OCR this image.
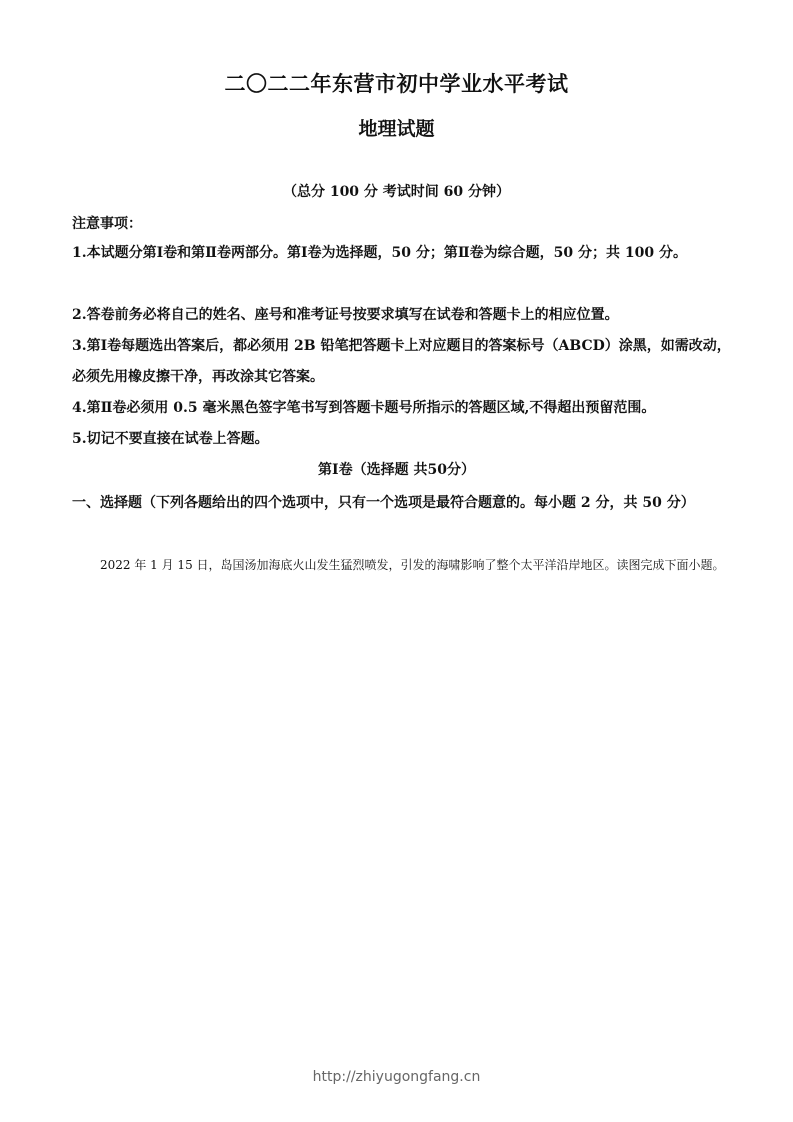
二〇二二年东营市初中学业水平考试
地理试题
（总分 100 分 考试时间 60 分钟）
注意事项：
1.本试题分第Ⅰ卷和第Ⅱ卷两部分。第Ⅰ卷为选择题，50 分；第Ⅱ卷为综合题，50 分；共 100 分。
2.答卷前务必将自己的姓名、座号和准考证号按要求填写在试卷和答题卡上的相应位置。
3.第Ⅰ卷每题选出答案后，都必须用 2B 铅笔把答题卡上对应题目的答案标号（ABCD）涂黑，如需改动，必须先用橡皮擦干净，再改涂其它答案。
4.第Ⅱ卷必须用 0.5 毫米黑色签字笔书写到答题卡题号所指示的答题区域,不得超出预留范围。
5.切记不要直接在试卷上答题。
第Ⅰ卷（选择题 共50分）
一、选择题（下列各题给出的四个选项中，只有一个选项是最符合题意的。每小题 2 分，共 50 分）
2022 年 1 月 15 日，岛国汤加海底火山发生猛烈喷发，引发的海啸影响了整个太平洋沿岸地区。读图完成下面小题。
http://zhiyugongfang.cn
